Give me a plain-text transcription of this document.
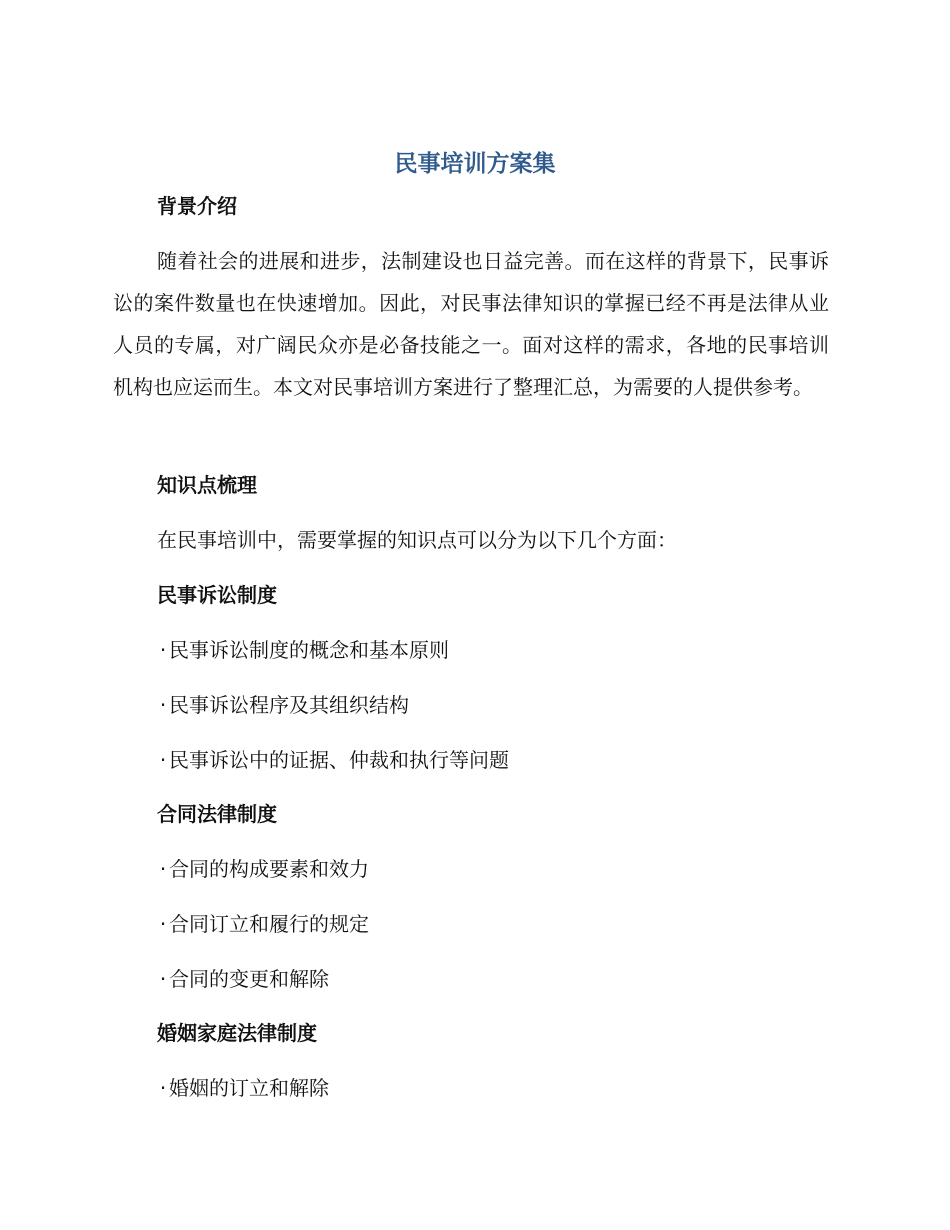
民事培训方案集
背景介绍
随着社会的进展和进步，法制建设也日益完善。而在这样的背景下，民事诉讼的案件数量也在快速增加。因此，对民事法律知识的掌握已经不再是法律从业人员的专属，对广阔民众亦是必备技能之一。面对这样的需求，各地的民事培训机构也应运而生。本文对民事培训方案进行了整理汇总，为需要的人提供参考。
知识点梳理
在民事培训中，需要掌握的知识点可以分为以下几个方面：
民事诉讼制度
· 民事诉讼制度的概念和基本原则
· 民事诉讼程序及其组织结构
· 民事诉讼中的证据、仲裁和执行等问题
合同法律制度
· 合同的构成要素和效力
· 合同订立和履行的规定
· 合同的变更和解除
婚姻家庭法律制度
· 婚姻的订立和解除
